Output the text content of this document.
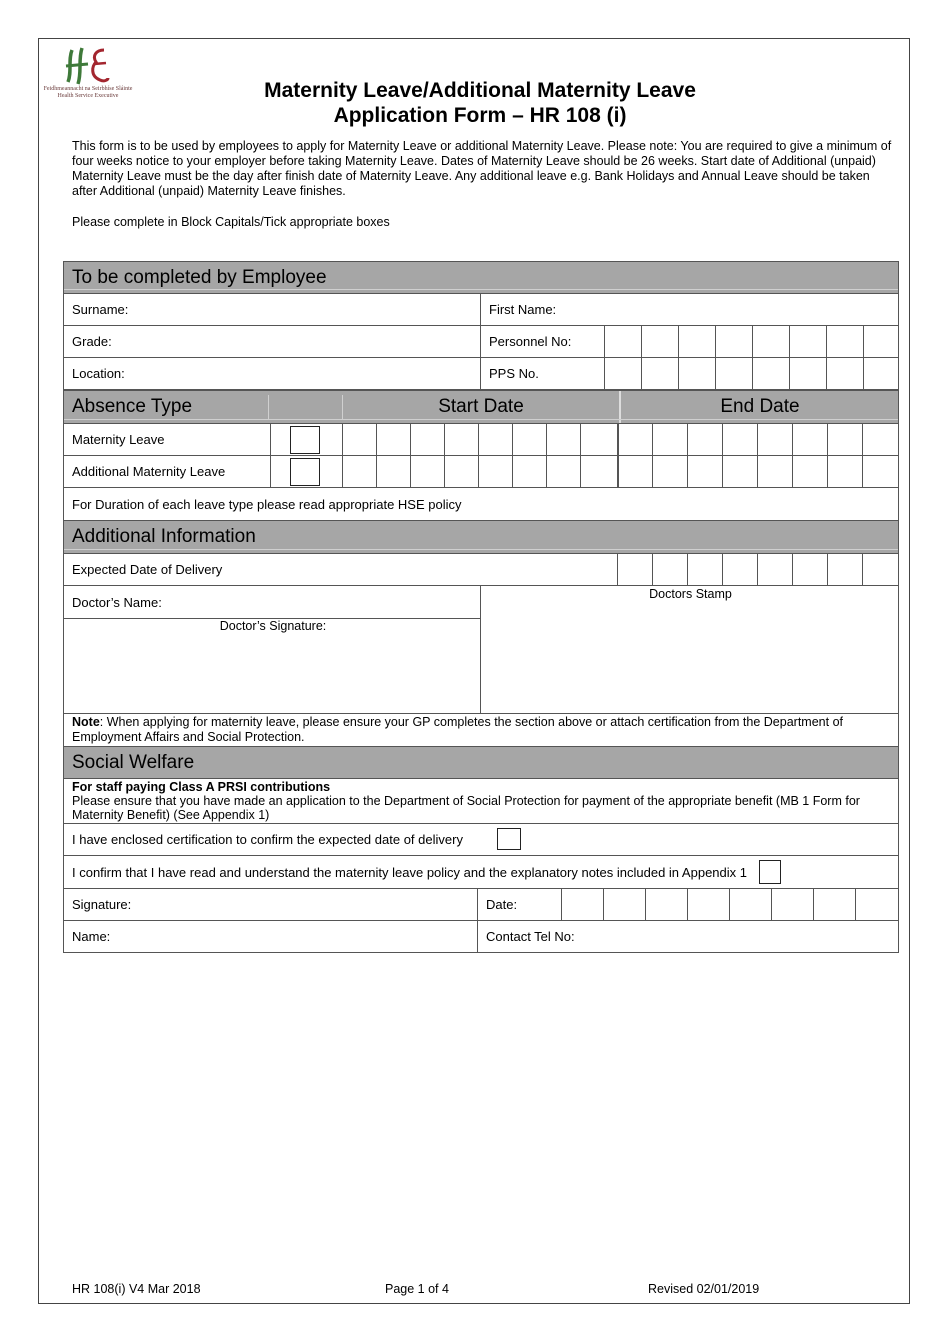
Feidhmeannacht na Seirbhíse Sláinte
Health Service Executive	Maternity Leave/Additional Maternity Leave
Application Form – HR 108 (i)
This form is to be used by employees to apply for Maternity Leave or additional Maternity Leave. Please note: You are required to give a minimum of four weeks notice to your employer before taking Maternity Leave. Dates of Maternity Leave should be 26 weeks. Start date of Additional (unpaid) Maternity Leave must be the day after finish date of Maternity Leave. Any additional leave e.g. Bank Holidays and Annual Leave should be taken after Additional (unpaid) Maternity Leave finishes.
Please complete in Block Capitals/Tick appropriate boxes
To be completed by Employee
Surname:	First Name:
Grade:	Personnel No:
Location:	PPS No.
Absence Type	Start Date	End Date
Maternity Leave
Additional Maternity Leave
For Duration of each leave type please read appropriate HSE policy
Additional Information
Expected Date of Delivery
Doctor’s Name:
Doctors Stamp
Doctor’s Signature:
Note: When applying for maternity leave, please ensure your GP completes the section above or attach certification from the Department of Employment Affairs and Social Protection.
Social Welfare
For staff paying Class A PRSI contributions
Please ensure that you have made an application to the Department of Social Protection for payment of the appropriate benefit (MB 1 Form for Maternity Benefit) (See Appendix 1)
I have enclosed certification to confirm the expected date of delivery
I confirm that I have read and understand the maternity leave policy and the explanatory notes included in Appendix 1
Signature:	Date:
Name:	Contact Tel No:
HR 108(i) V4 Mar 2018	Page 1 of 4	Revised 02/01/2019
